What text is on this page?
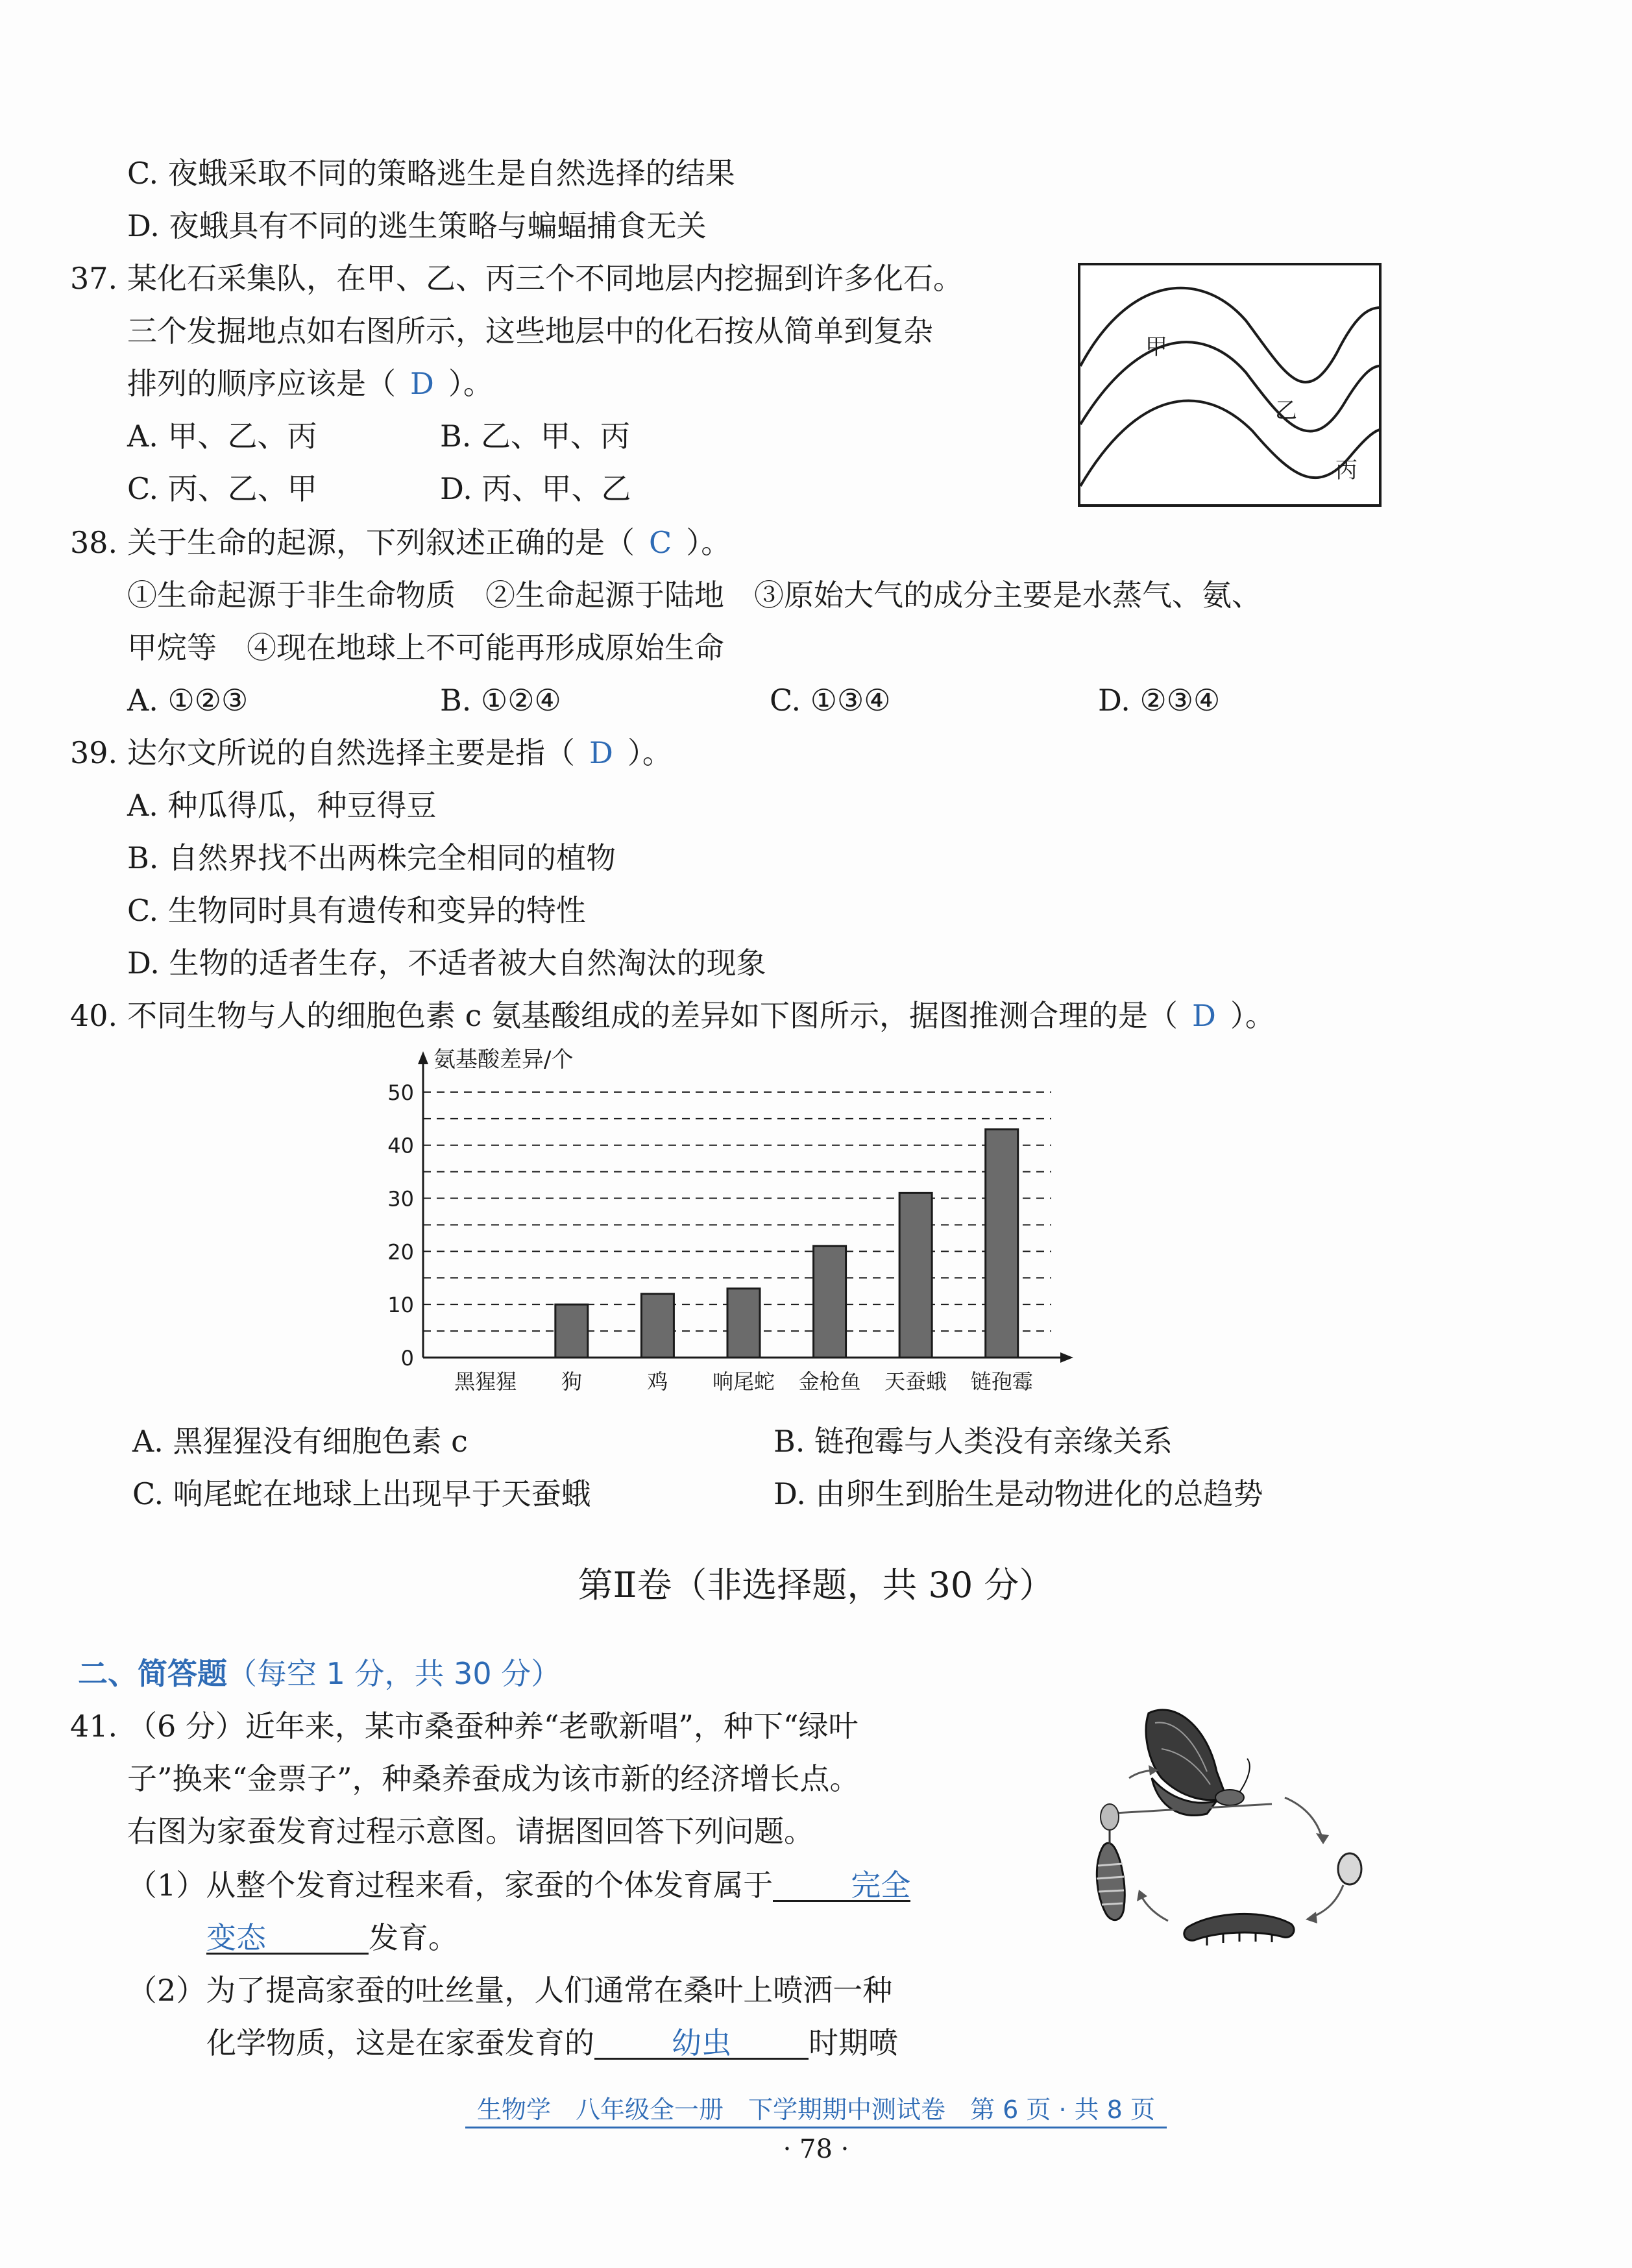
C. 夜蛾采取不同的策略逃生是自然选择的结果
D. 夜蛾具有不同的逃生策略与蝙蝠捕食无关
37. 某化石采集队，在甲、乙、丙三个不同地层内挖掘到许多化石。
三个发掘地点如右图所示，这些地层中的化石按从简单到复杂
排列的顺序应该是（ D ）。
A. 甲、乙、丙	B. 乙、甲、丙
C. 丙、乙、甲	D. 丙、甲、乙
甲
乙
丙
38. 关于生命的起源，下列叙述正确的是（ C ）。
①生命起源于非生命物质　②生命起源于陆地　③原始大气的成分主要是水蒸气、氨、
甲烷等　④现在地球上不可能再形成原始生命
A. ①②③	B. ①②④	C. ①③④	D. ②③④
39. 达尔文所说的自然选择主要是指（ D ）。
A. 种瓜得瓜，种豆得豆
B. 自然界找不出两株完全相同的植物
C. 生物同时具有遗传和变异的特性
D. 生物的适者生存，不适者被大自然淘汰的现象
40. 不同生物与人的细胞色素 c 氨基酸组成的差异如下图所示，据图推测合理的是（ D ）。
0
10
20
30
40
50
黑猩猩 狗	鸡 响尾蛇 金枪鱼 天蚕蛾 链孢霉
氨基酸差异/个
A. 黑猩猩没有细胞色素 c	B. 链孢霉与人类没有亲缘关系
C. 响尾蛇在地球上出现早于天蚕蛾	D. 由卵生到胎生是动物进化的总趋势
第Ⅱ卷（非选择题，共 30 分）
二、简答题（每空 1 分，共 30 分）
41. （6 分）近年来，某市桑蚕种养“老歌新唱”，种下“绿叶
子”换来“金票子”，种桑养蚕成为该市新的经济增长点。
右图为家蚕发育过程示意图。请据图回答下列问题。
（1）从整个发育过程来看，家蚕的个体发育属于	完全
变态	发育。
（2）为了提高家蚕的吐丝量，人们通常在桑叶上喷洒一种
化学物质，这是在家蚕发育的	幼虫	时期喷
生物学　八年级全一册　下学期期中测试卷　第 6 页 · 共 8 页
· 78 ·
